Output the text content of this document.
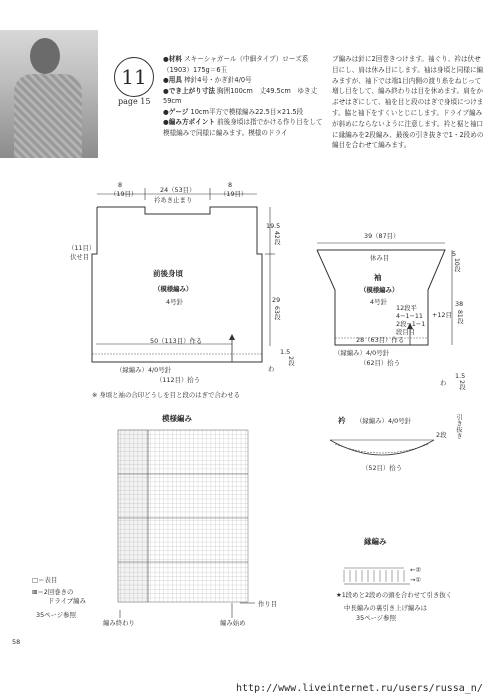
11
page 15
●材料 スキーシャガール（中細タイプ）ローズ系（1903）175g＝6玉
●用具 棒針4号・かぎ針4/0号
●でき上がり寸法 胸囲100cm　丈49.5cm　ゆき丈59cm
●ゲージ 10cm平方で模様編み22.5目×21.5段
●編み方ポイント 前後身頃は指でかける作り目をして模様編みで同様に編みます。模様のドライ
ブ編みは針に2回巻きつけます。袖ぐり、衿は伏せ目にし、肩は休み目にします。袖は身頃と同様に編みますが、袖下では端1目内側の渡り糸をねじって増し目をして、編み終わりは目を休めます。肩をかぶせはぎにして、袖を目と段のはぎで身頃につけます。脇と袖下をすくいとじにします。ドライブ編みが斜めにならないように注意します。衿と裾と袖口に縁編みを2段編み、最後の引き抜きで1・2段めの編目を合わせて編みます。
8
（19目）	24（53目）
衿あき止まり
8
（19目）
19.5
42段
29
63段
1.5
2段
わ
（11目）
伏せ目
前後身頃
（模様編み）
4号針
50（113目）作る
（縁編み）4/0号針
（112目）拾う
※ 身頃と袖の合印どうしを目と段のはぎで合わせる
39（87目）
休み目	5
10段
袖
（模様編み）
4号針
12段平
4−1−11
2段−1−1
段目目
+12目
38
81段
28（63目）作る
（縁編み）4/0号針
（62目）拾う
1.5
2段
わ
衿 （縁編み）4/0号針	引き抜き
2段
（52目）拾う
模様編み
作り目
編み終わり	編み始め
□＝表目
⊠＝2回巻きの
ドライブ編み
35ページ参照
縁編み
←②
→①
★1段めと2段めの頭を合わせて引き抜く
中長編みの裏引き上げ編みは
35ページ参照
58
http://www.liveinternet.ru/users/russa_n/
